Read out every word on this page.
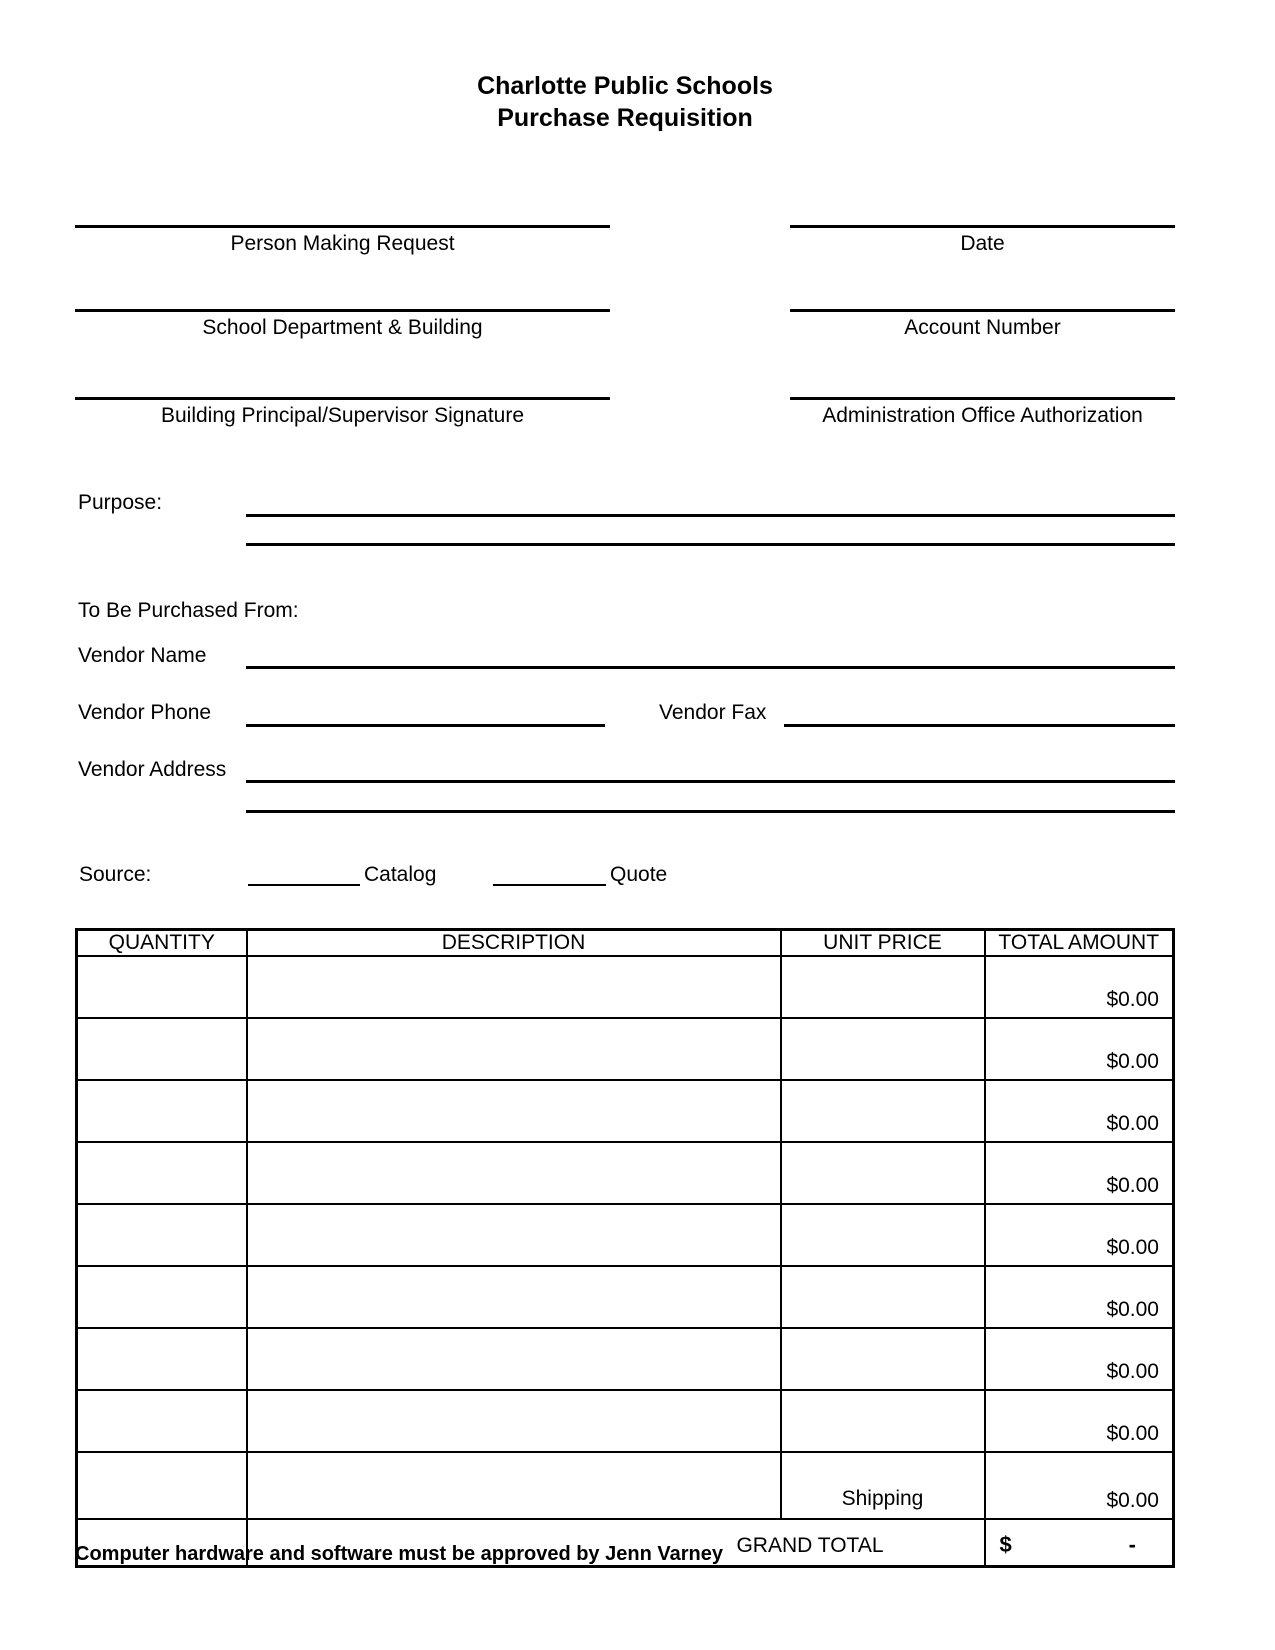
Charlotte Public Schools
Purchase Requisition
Person Making Request	Date
School Department & Building	Account Number
Building Principal/Supervisor Signature	Administration Office Authorization
Purpose:
To Be Purchased From:
Vendor Name
Vendor Phone	Vendor Fax
Vendor Address
Source:	Catalog	Quote
QUANTITY	DESCRIPTION	UNIT PRICE	TOTAL AMOUNT
			$0.00
			$0.00
			$0.00
			$0.00
			$0.00
			$0.00
			$0.00
			$0.00
		Shipping	$0.00
	GRAND TOTAL		$ -
Computer hardware and software must be approved by Jenn Varney
